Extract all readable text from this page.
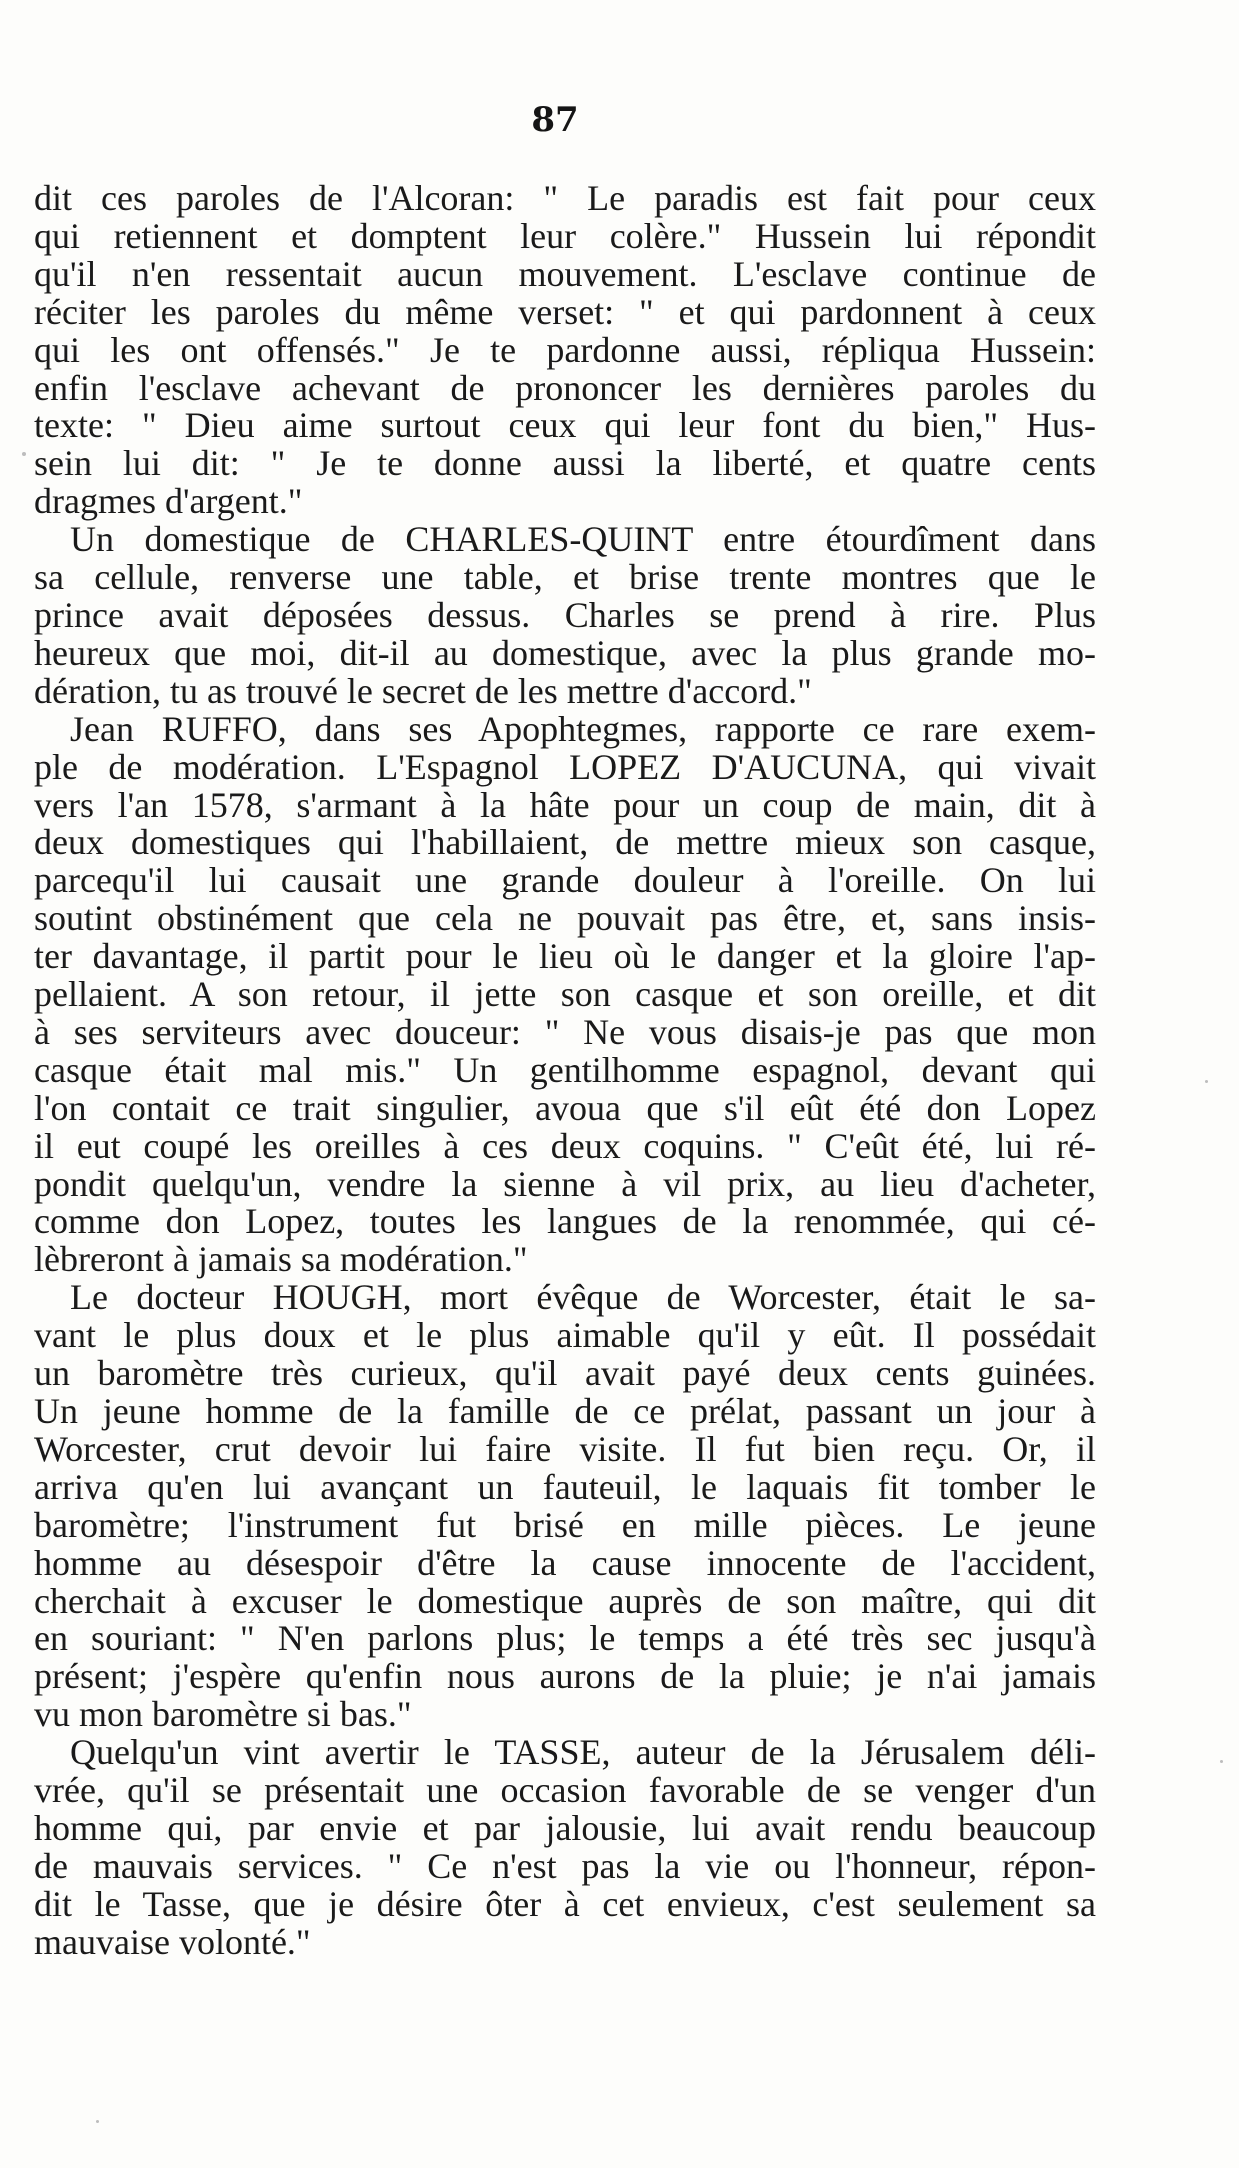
87
dit ces paroles de l'Alcoran: " Le paradis est fait pour ceux
qui retiennent et domptent leur colère." Hussein lui répondit
qu'il n'en ressentait aucun mouvement. L'esclave continue de
réciter les paroles du même verset: " et qui pardonnent à ceux
qui les ont offensés." Je te pardonne aussi, répliqua Hussein:
enfin l'esclave achevant de prononcer les dernières paroles du
texte: " Dieu aime surtout ceux qui leur font du bien," Hus-
sein lui dit: " Je te donne aussi la liberté, et quatre cents
dragmes d'argent."
Un domestique de CHARLES-QUINT entre étourdîment dans
sa cellule, renverse une table, et brise trente montres que le
prince avait déposées dessus. Charles se prend à rire. Plus
heureux que moi, dit-il au domestique, avec la plus grande mo-
dération, tu as trouvé le secret de les mettre d'accord."
Jean RUFFO, dans ses Apophtegmes, rapporte ce rare exem-
ple de modération. L'Espagnol LOPEZ D'AUCUNA, qui vivait
vers l'an 1578, s'armant à la hâte pour un coup de main, dit à
deux domestiques qui l'habillaient, de mettre mieux son casque,
parcequ'il lui causait une grande douleur à l'oreille. On lui
soutint obstinément que cela ne pouvait pas être, et, sans insis-
ter davantage, il partit pour le lieu où le danger et la gloire l'ap-
pellaient. A son retour, il jette son casque et son oreille, et dit
à ses serviteurs avec douceur: " Ne vous disais-je pas que mon
casque était mal mis." Un gentilhomme espagnol, devant qui
l'on contait ce trait singulier, avoua que s'il eût été don Lopez
il eut coupé les oreilles à ces deux coquins. " C'eût été, lui ré-
pondit quelqu'un, vendre la sienne à vil prix, au lieu d'acheter,
comme don Lopez, toutes les langues de la renommée, qui cé-
lèbreront à jamais sa modération."
Le docteur HOUGH, mort évêque de Worcester, était le sa-
vant le plus doux et le plus aimable qu'il y eût. Il possédait
un baromètre très curieux, qu'il avait payé deux cents guinées.
Un jeune homme de la famille de ce prélat, passant un jour à
Worcester, crut devoir lui faire visite. Il fut bien reçu. Or, il
arriva qu'en lui avançant un fauteuil, le laquais fit tomber le
baromètre; l'instrument fut brisé en mille pièces. Le jeune
homme au désespoir d'être la cause innocente de l'accident,
cherchait à excuser le domestique auprès de son maître, qui dit
en souriant: " N'en parlons plus; le temps a été très sec jusqu'à
présent; j'espère qu'enfin nous aurons de la pluie; je n'ai jamais
vu mon baromètre si bas."
Quelqu'un vint avertir le TASSE, auteur de la Jérusalem déli-
vrée, qu'il se présentait une occasion favorable de se venger d'un
homme qui, par envie et par jalousie, lui avait rendu beaucoup
de mauvais services. " Ce n'est pas la vie ou l'honneur, répon-
dit le Tasse, que je désire ôter à cet envieux, c'est seulement sa
mauvaise volonté."
